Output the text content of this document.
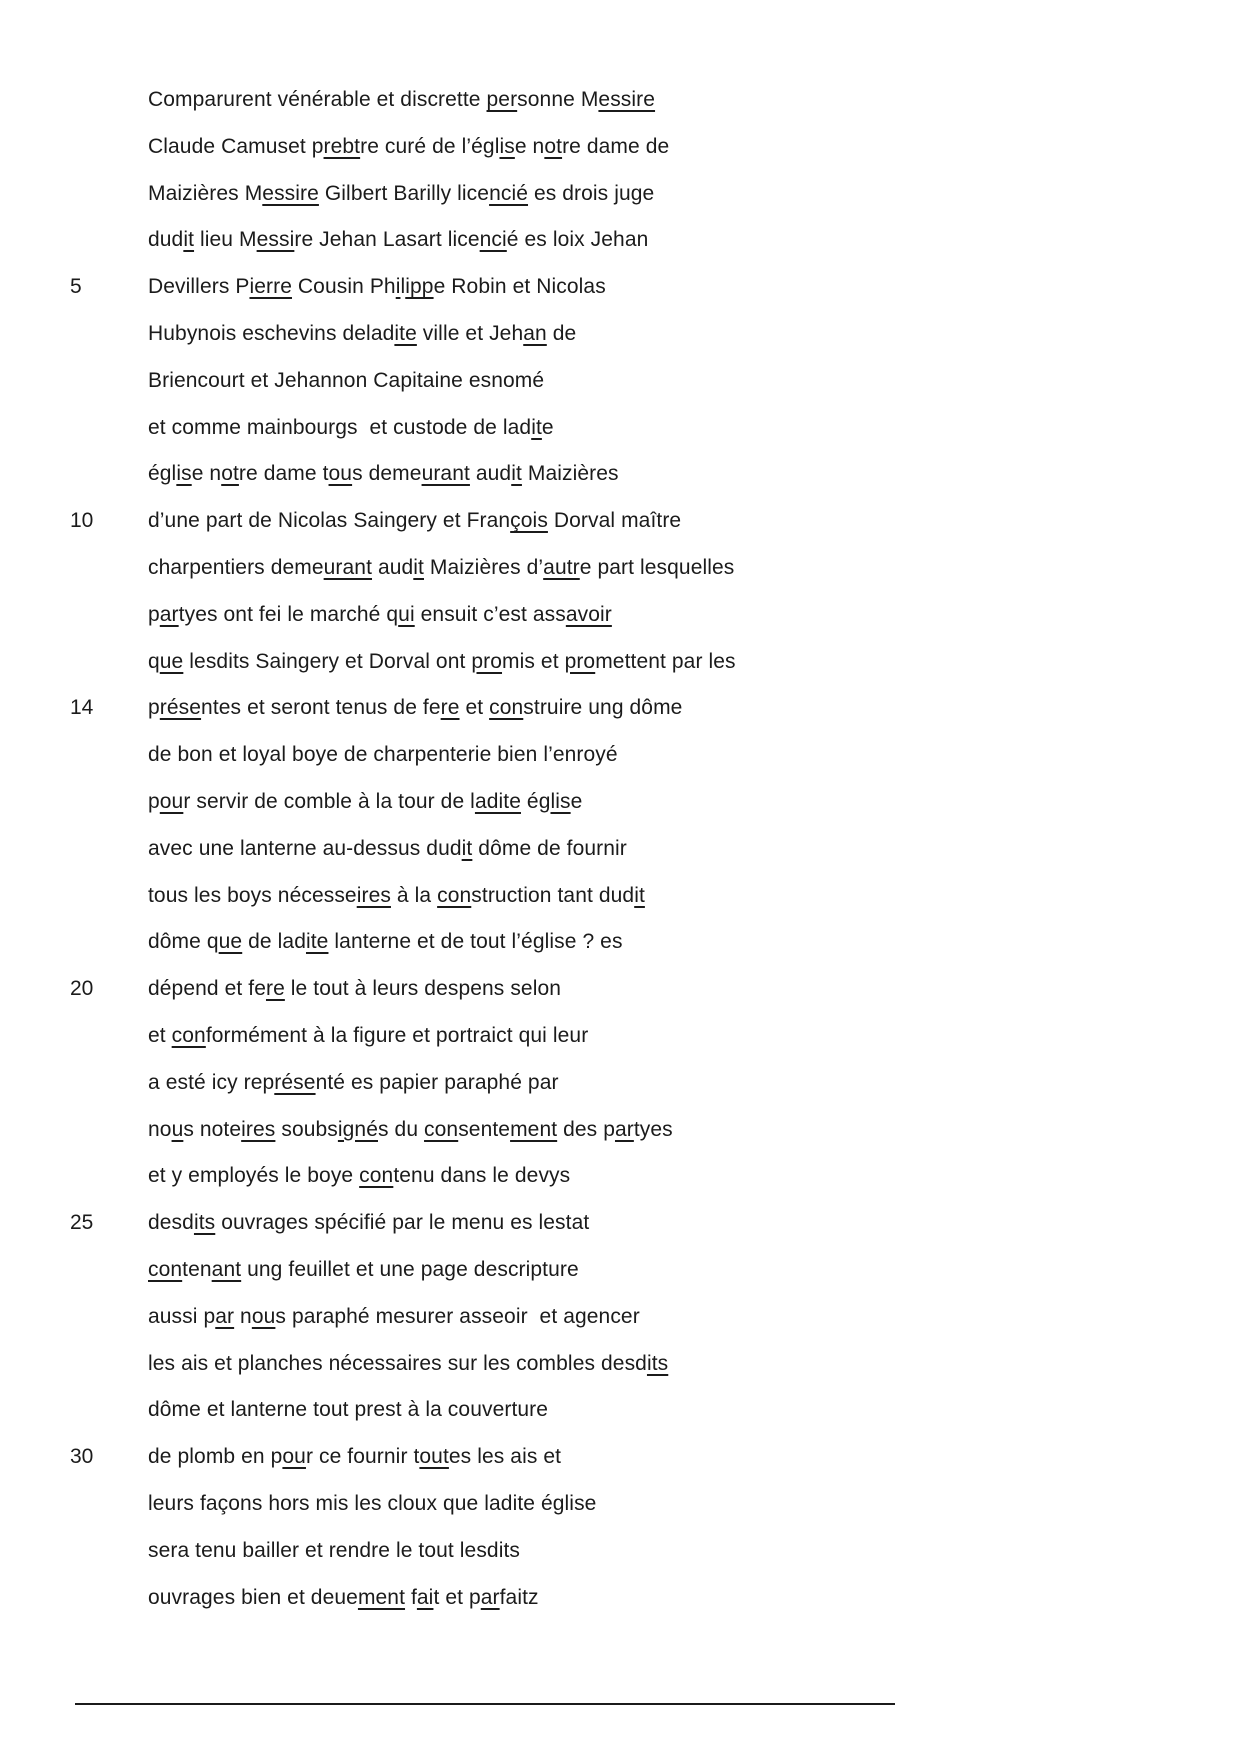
Comparurent vénérable et discrette personne Messire

Claude Camuset prebtre curé de l’église notre dame de

Maizières Messire Gilbert Barilly licencié es drois juge

dudit lieu Messire Jehan Lasart licencié es loix Jehan

5

	Devillers Pierre Cousin Philippe Robin et Nicolas

Hubynois eschevins deladite ville et Jehan de

Briencourt et Jehannon Capitaine esnomé

et comme mainbourgs  et custode de ladite

église notre dame tous demeurant audit Maizières

10

	d’une part de Nicolas Saingery et François Dorval maître

charpentiers demeurant audit Maizières d’autre part lesquelles

partyes ont fei le marché qui ensuit c’est assavoir

que lesdits Saingery et Dorval ont promis et promettent par les

14

	présentes et seront tenus de fere et construire ung dôme

de bon et loyal boye de charpenterie bien l’enroyé

pour servir de comble à la tour de ladite église

avec une lanterne au-dessus dudit dôme de fournir

tous les boys nécesseires à la construction tant dudit

dôme que de ladite lanterne et de tout l’église ? es

20

	dépend et fere le tout à leurs despens selon

et conformément à la figure et portraict qui leur

a esté icy représenté es papier paraphé par

nous noteires soubsignés du consentement des partyes

et y employés le boye contenu dans le devys

25

	desdits ouvrages spécifié par le menu es lestat

contenant ung feuillet et une page descripture

aussi par nous paraphé mesurer asseoir  et agencer

les ais et planches nécessaires sur les combles desdits

dôme et lanterne tout prest à la couverture

30

	de plomb en pour ce fournir toutes les ais et

leurs façons hors mis les cloux que ladite église

sera tenu bailler et rendre le tout lesdits

ouvrages bien et deuement fait et parfaitz
